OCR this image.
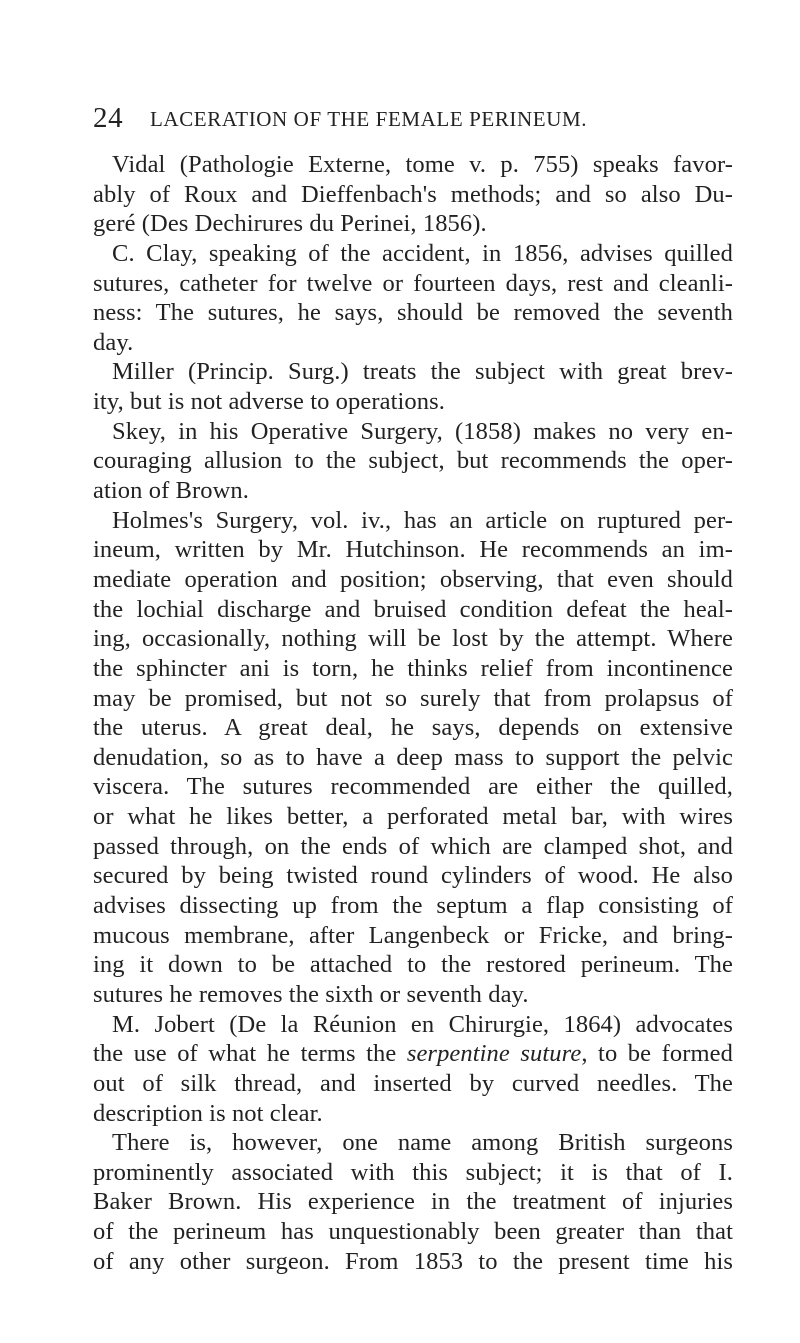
24 LACERATION OF THE FEMALE PERINEUM.
Vidal (Pathologie Externe, tome v. p. 755) speaks favor-
ably of Roux and Dieffenbach's methods; and so also Du-
geré (Des Dechirures du Perinei, 1856).
C. Clay, speaking of the accident, in 1856, advises quilled
sutures, catheter for twelve or fourteen days, rest and cleanli-
ness: The sutures, he says, should be removed the seventh
day.
Miller (Princip. Surg.) treats the subject with great brev-
ity, but is not adverse to operations.
Skey, in his Operative Surgery, (1858) makes no very en-
couraging allusion to the subject, but recommends the oper-
ation of Brown.
Holmes's Surgery, vol. iv., has an article on ruptured per-
ineum, written by Mr. Hutchinson. He recommends an im-
mediate operation and position; observing, that even should
the lochial discharge and bruised condition defeat the heal-
ing, occasionally, nothing will be lost by the attempt. Where
the sphincter ani is torn, he thinks relief from incontinence
may be promised, but not so surely that from prolapsus of
the uterus. A great deal, he says, depends on extensive
denudation, so as to have a deep mass to support the pelvic
viscera. The sutures recommended are either the quilled,
or what he likes better, a perforated metal bar, with wires
passed through, on the ends of which are clamped shot, and
secured by being twisted round cylinders of wood. He also
advises dissecting up from the septum a flap consisting of
mucous membrane, after Langenbeck or Fricke, and bring-
ing it down to be attached to the restored perineum. The
sutures he removes the sixth or seventh day.
M. Jobert (De la Réunion en Chirurgie, 1864) advocates
the use of what he terms the serpentine suture, to be formed
out of silk thread, and inserted by curved needles. The
description is not clear.
There is, however, one name among British surgeons
prominently associated with this subject; it is that of I.
Baker Brown. His experience in the treatment of injuries
of the perineum has unquestionably been greater than that
of any other surgeon. From 1853 to the present time his
